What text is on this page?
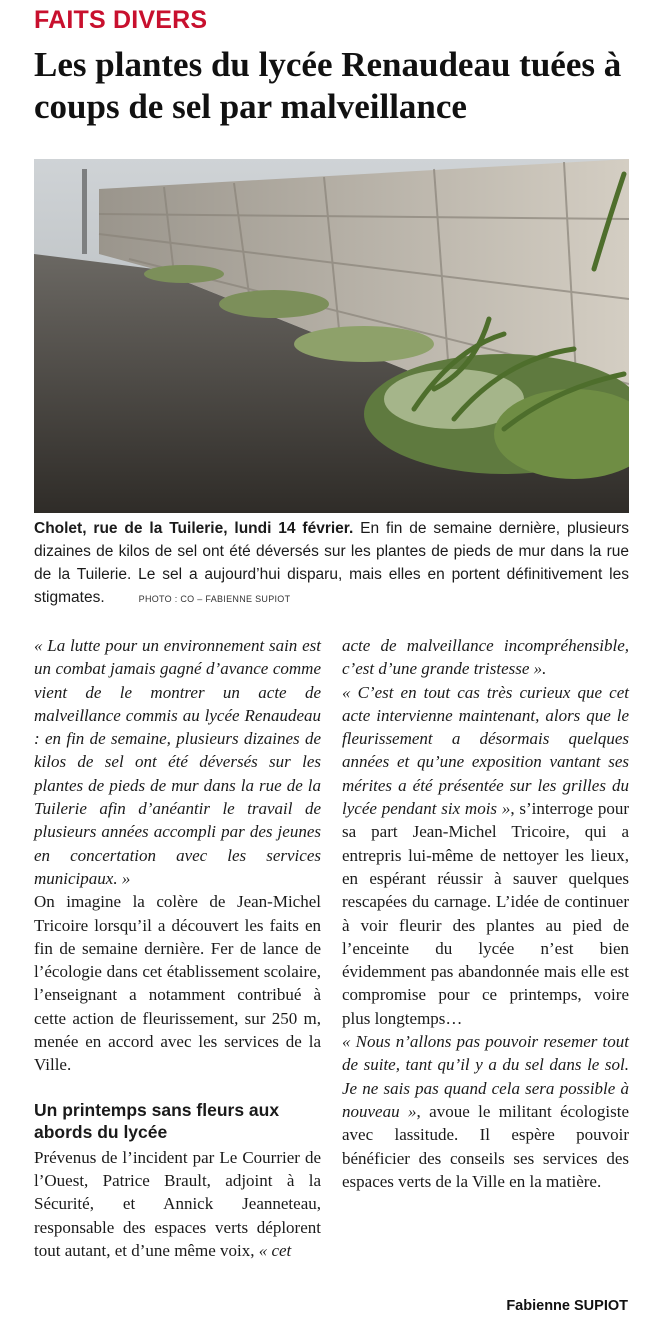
FAITS DIVERS
Les plantes du lycée Renaudeau tuées à coups de sel par malveillance
Cholet, rue de la Tuilerie, lundi 14 février. En fin de semaine dernière, plusieurs dizaines de kilos de sel ont été déversés sur les plantes de pieds de mur dans la rue de la Tuilerie. Le sel a aujourd’hui disparu, mais elles en portent définitivement les stigmates.	PHOTO : CO – FABIENNE SUPIOT

« La lutte pour un environnement sain est un combat jamais gagné d’avance comme vient de le montrer un acte de malveillance commis au lycée Renaudeau : en fin de semaine, plusieurs dizaines de kilos de sel ont été déversés sur les plantes de pieds de mur dans la rue de la Tuilerie afin d’anéantir le travail de plusieurs années accompli par des jeunes en concertation avec les services municipaux. »

On imagine la colère de Jean-Michel Tricoire lorsqu’il a découvert les faits en fin de semaine dernière. Fer de lance de l’écologie dans cet établissement scolaire, l’enseignant a notamment contribué à cette action de fleurissement, sur 250 m, menée en accord avec les services de la Ville.

Un printemps sans fleurs aux abords du lycée

Prévenus de l’incident par Le Courrier de l’Ouest, Patrice Brault, adjoint à la Sécurité, et Annick Jeanneteau, responsable des espaces verts déplorent tout autant, et d’une même voix, « cet

acte de malveillance incompréhensible, c’est d’une grande tristesse ».

« C’est en tout cas très curieux que cet acte intervienne maintenant, alors que le fleurissement a désormais quelques années et qu’une exposition vantant ses mérites a été présentée sur les grilles du lycée pendant six mois », s’interroge pour sa part Jean-Michel Tricoire, qui a entrepris lui-même de nettoyer les lieux, en espérant réussir à sauver quelques rescapées du carnage. L’idée de continuer à voir fleurir des plantes au pied de l’enceinte du lycée n’est bien évidemment pas abandonnée mais elle est compromise pour ce printemps, voire plus longtemps…

« Nous n’allons pas pouvoir resemer tout de suite, tant qu’il y a du sel dans le sol. Je ne sais pas quand cela sera possible à nouveau », avoue le militant écologiste avec lassitude. Il espère pouvoir bénéficier des conseils ses services des espaces verts de la Ville en la matière.

Fabienne SUPIOT
